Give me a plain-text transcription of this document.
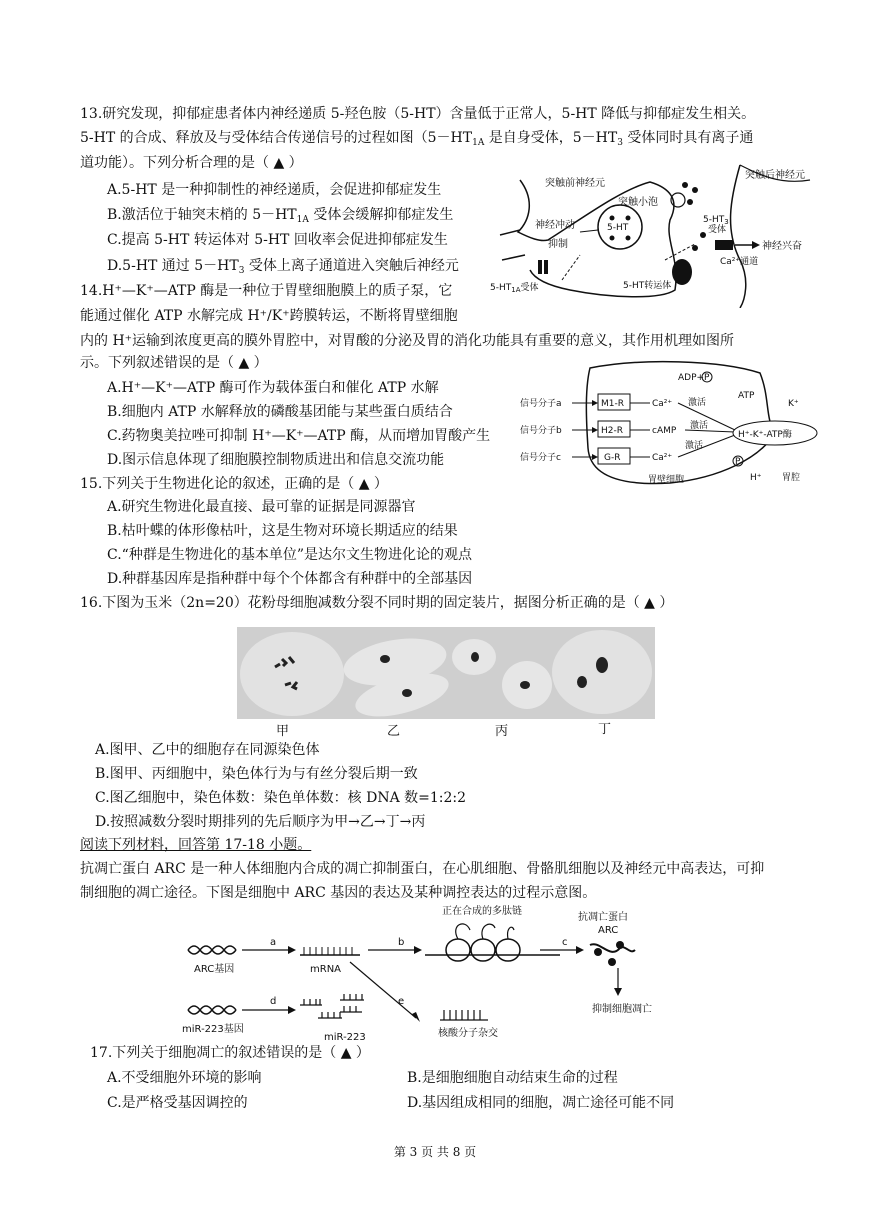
13.研究发现，抑郁症患者体内神经递质 5-羟色胺（5-HT）含量低于正常人，5-HT 降低与抑郁症发生相关。
5-HT 的合成、释放及与受体结合传递信号的过程如图（$5-HT_{1A}$ 是自身受体，$5-HT_3$ 受体同时具有离子通
道功能）。下列分析合理的是（ ▲ ）
A.5-HT 是一种抑制性的神经递质，会促进抑郁症发生
B.激活位于轴突末梢的 $5-HT_{1A}$ 受体会缓解抑郁症发生
C.提高 5-HT 转运体对 5-HT 回收率会促进抑郁症发生
D.5-HT 通过 $5-HT_3$ 受体上离子通道进入突触后神经元
突触前神经元
突触后神经元
5-HT
突触小泡
神经冲动
抑制
5-HT转运体
$5-HT_3$
受体
神经兴奋
Ca²⁺通道
$5-HT_{1A}$受体
14.H⁺—K⁺—ATP 酶是一种位于胃壁细胞膜上的质子泵，它
能通过催化 ATP 水解完成 H⁺/K⁺跨膜转运，不断将胃壁细胞
内的 H⁺运输到浓度更高的膜外胃腔中，对胃酸的分泌及胃的消化功能具有重要的意义，其作用机理如图所
示。下列叙述错误的是（ ▲ ）
A.H⁺—K⁺—ATP 酶可作为载体蛋白和催化 ATP 水解
B.细胞内 ATP 水解释放的磷酸基团能与某些蛋白质结合
C.药物奥美拉唑可抑制 H⁺—K⁺—ATP 酶，从而增加胃酸产生
D.图示信息体现了细胞膜控制物质进出和信息交流功能
信号分子a
信号分子b
信号分子c
M1-R
H2-R
G-R
Ca²⁺
cAMP
Ca²⁺
激活
激活
激活
ADP+ P
ATP
K⁺
H⁺-K⁺-ATP酶
P
H⁺
胃壁细胞	胃腔
15.下列关于生物进化论的叙述，正确的是（ ▲ ）
A.研究生物进化最直接、最可靠的证据是同源器官
B.枯叶蝶的体形像枯叶，这是生物对环境长期适应的结果
C.“种群是生物进化的基本单位”是达尔文生物进化论的观点
D.种群基因库是指种群中每个个体都含有种群中的全部基因
16.下图为玉米（2n=20）花粉母细胞减数分裂不同时期的固定装片，据图分析正确的是（ ▲ ）
甲	乙	丙	丁
A.图甲、乙中的细胞存在同源染色体
B.图甲、丙细胞中，染色体行为与有丝分裂后期一致
C.图乙细胞中，染色体数：染色单体数：核 DNA 数=1:2:2
D.按照减数分裂时期排列的先后顺序为甲→乙→丁→丙
阅读下列材料，回答第 17-18 小题。
抗凋亡蛋白 ARC 是一种人体细胞内合成的凋亡抑制蛋白，在心肌细胞、骨骼肌细胞以及神经元中高表达，可抑
制细胞的凋亡途径。下图是细胞中 ARC 基因的表达及某种调控表达的过程示意图。
ARC基因
a
mRNA
b
正在合成的多肽链
c
抗凋亡蛋白
ARC
抑制细胞凋亡
miR-223基因
d
miR-223
e
核酸分子杂交
17.下列关于细胞凋亡的叙述错误的是（ ▲ ）
A.不受细胞外环境的影响	B.是细胞细胞自动结束生命的过程
C.是严格受基因调控的	D.基因组成相同的细胞，凋亡途径可能不同
第 3 页 共 8 页
